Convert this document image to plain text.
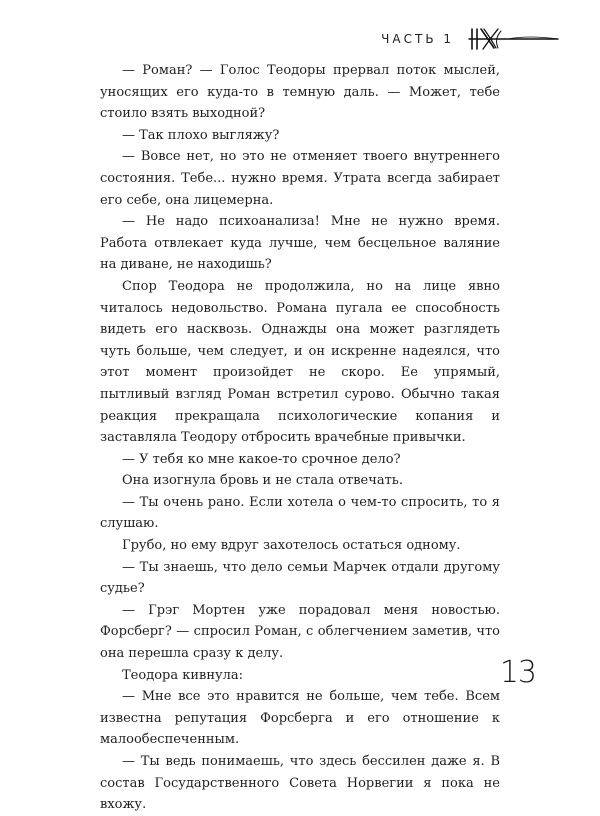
ЧАСТЬ 1

— Роман? — Голос Теодоры прервал поток мыслей, уносящих его куда-то в темную даль. — Может, тебе стоило взять выходной?

— Так плохо выгляжу?

— Вовсе нет, но это не отменяет твоего внутреннего состояния. Тебе... нужно время. Утрата всегда забирает его себе, она лицемерна.

— Не надо психоанализа! Мне не нужно время. Работа отвлекает куда лучше, чем бесцельное валяние на диване, не находишь?

Спор Теодора не продолжила, но на лице явно читалось недовольство. Романа пугала ее способность видеть его насквозь. Однажды она может разглядеть чуть больше, чем следует, и он искренне надеялся, что этот момент произойдет не скоро. Ее упрямый, пытливый взгляд Роман встретил сурово. Обычно такая реакция прекращала психологические копания и заставляла Теодору отбросить врачебные привычки.

— У тебя ко мне какое-то срочное дело?

Она изогнула бровь и не стала отвечать.

— Ты очень рано. Если хотела о чем-то спросить, то я слушаю.

Грубо, но ему вдруг захотелось остаться одному.

— Ты знаешь, что дело семьи Марчек отдали другому судье?

— Грэг Мортен уже порадовал меня новостью. Форсберг? — спросил Роман, с облегчением заметив, что она перешла сразу к делу.

Теодора кивнула:

— Мне все это нравится не больше, чем тебе. Всем известна репутация Форсберга и его отношение к малообеспеченным.

— Ты ведь понимаешь, что здесь бессилен даже я. В состав Государственного Совета Норвегии я пока не вхожу.

13
